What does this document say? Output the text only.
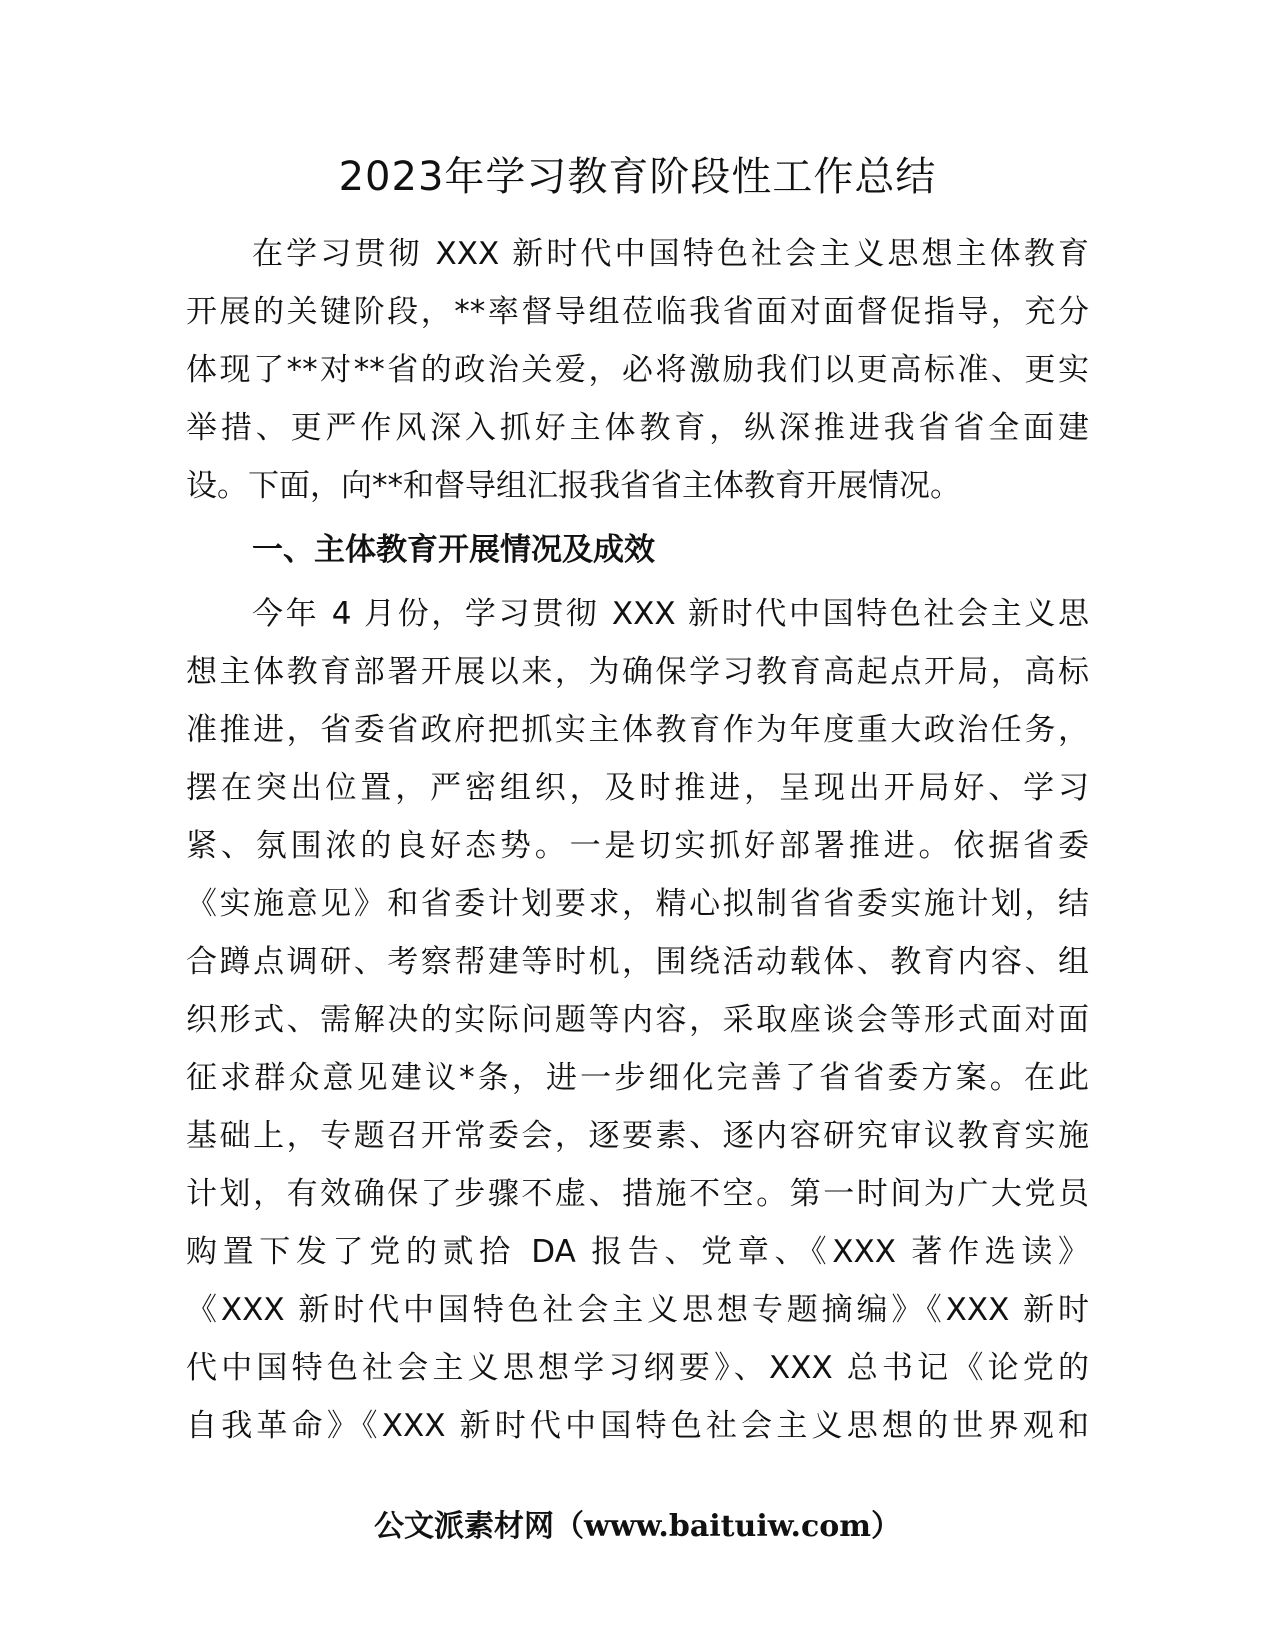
2023年学习教育阶段性工作总结
在学习贯彻 XXX 新时代中国特色社会主义思想主体教育
开展的关键阶段，**率督导组莅临我省面对面督促指导，充分
体现了**对**省的政治关爱，必将激励我们以更高标准、更实
举措、更严作风深入抓好主体教育，纵深推进我省省全面建
设。下面，向**和督导组汇报我省省主体教育开展情况。
一、主体教育开展情况及成效
今年 4 月份，学习贯彻 XXX 新时代中国特色社会主义思
想主体教育部署开展以来，为确保学习教育高起点开局，高标
准推进，省委省政府把抓实主体教育作为年度重大政治任务，
摆在突出位置，严密组织，及时推进，呈现出开局好、学习
紧、氛围浓的良好态势。一是切实抓好部署推进。依据省委
《实施意见》和省委计划要求，精心拟制省省委实施计划，结
合蹲点调研、考察帮建等时机，围绕活动载体、教育内容、组
织形式、需解决的实际问题等内容，采取座谈会等形式面对面
征求群众意见建议*条，进一步细化完善了省省委方案。在此
基础上，专题召开常委会，逐要素、逐内容研究审议教育实施
计划，有效确保了步骤不虚、措施不空。第一时间为广大党员
购置下发了党的贰拾 DA 报告、党章、《XXX 著作选读》
《XXX 新时代中国特色社会主义思想专题摘编》《XXX 新时
代中国特色社会主义思想学习纲要》、XXX 总书记《论党的
自我革命》《XXX 新时代中国特色社会主义思想的世界观和
公文派素材网（www.baituiw.com）
